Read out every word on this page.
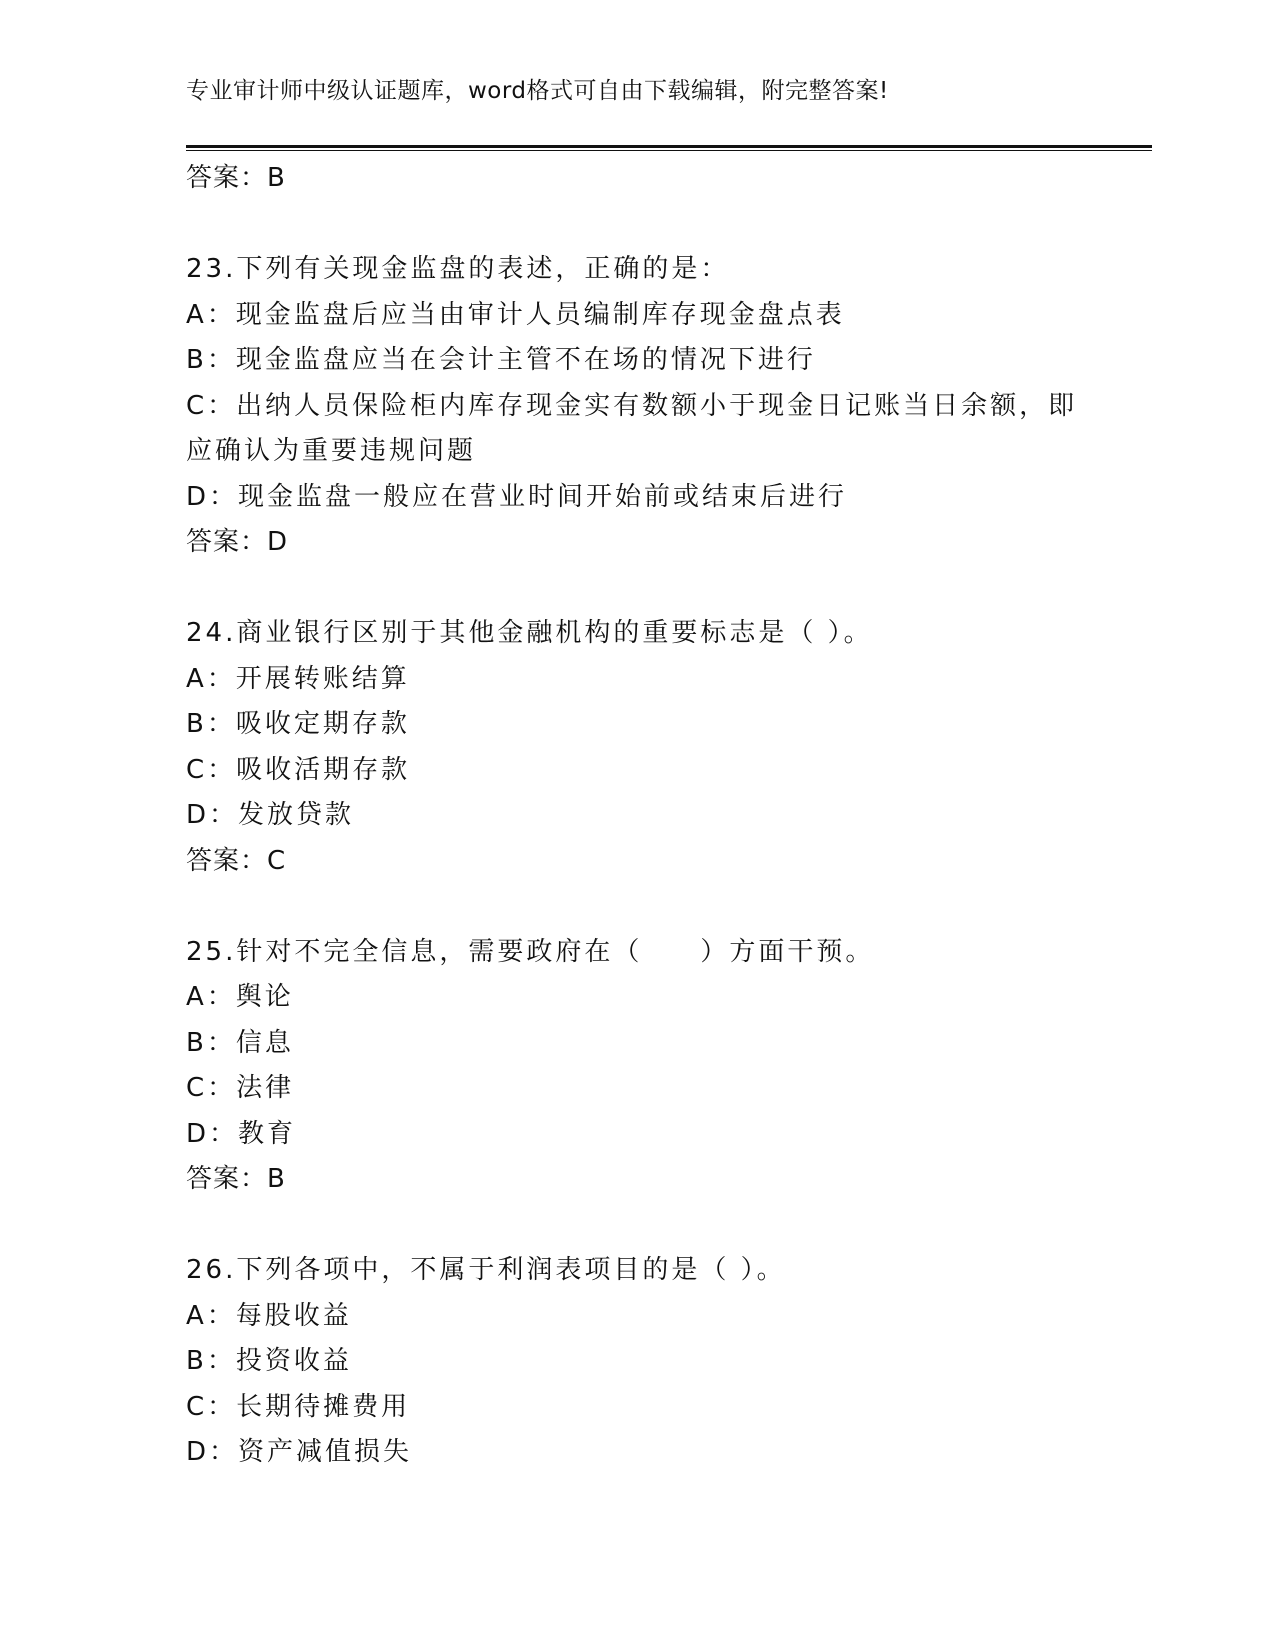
专业审计师中级认证题库，word格式可自由下载编辑，附完整答案!
答案：B
23.下列有关现金监盘的表述，正确的是：
A：现金监盘后应当由审计人员编制库存现金盘点表
B：现金监盘应当在会计主管不在场的情况下进行
C：出纳人员保险柜内库存现金实有数额小于现金日记账当日余额，即应确认为重要违规问题
D：现金监盘一般应在营业时间开始前或结束后进行
答案：D
24.商业银行区别于其他金融机构的重要标志是（ ）。
A：开展转账结算
B：吸收定期存款
C：吸收活期存款
D：发放贷款
答案：C
25.针对不完全信息，需要政府在（　　）方面干预。
A：舆论
B：信息
C：法律
D：教育
答案：B
26.下列各项中，不属于利润表项目的是（ ）。
A：每股收益
B：投资收益
C：长期待摊费用
D：资产减值损失
